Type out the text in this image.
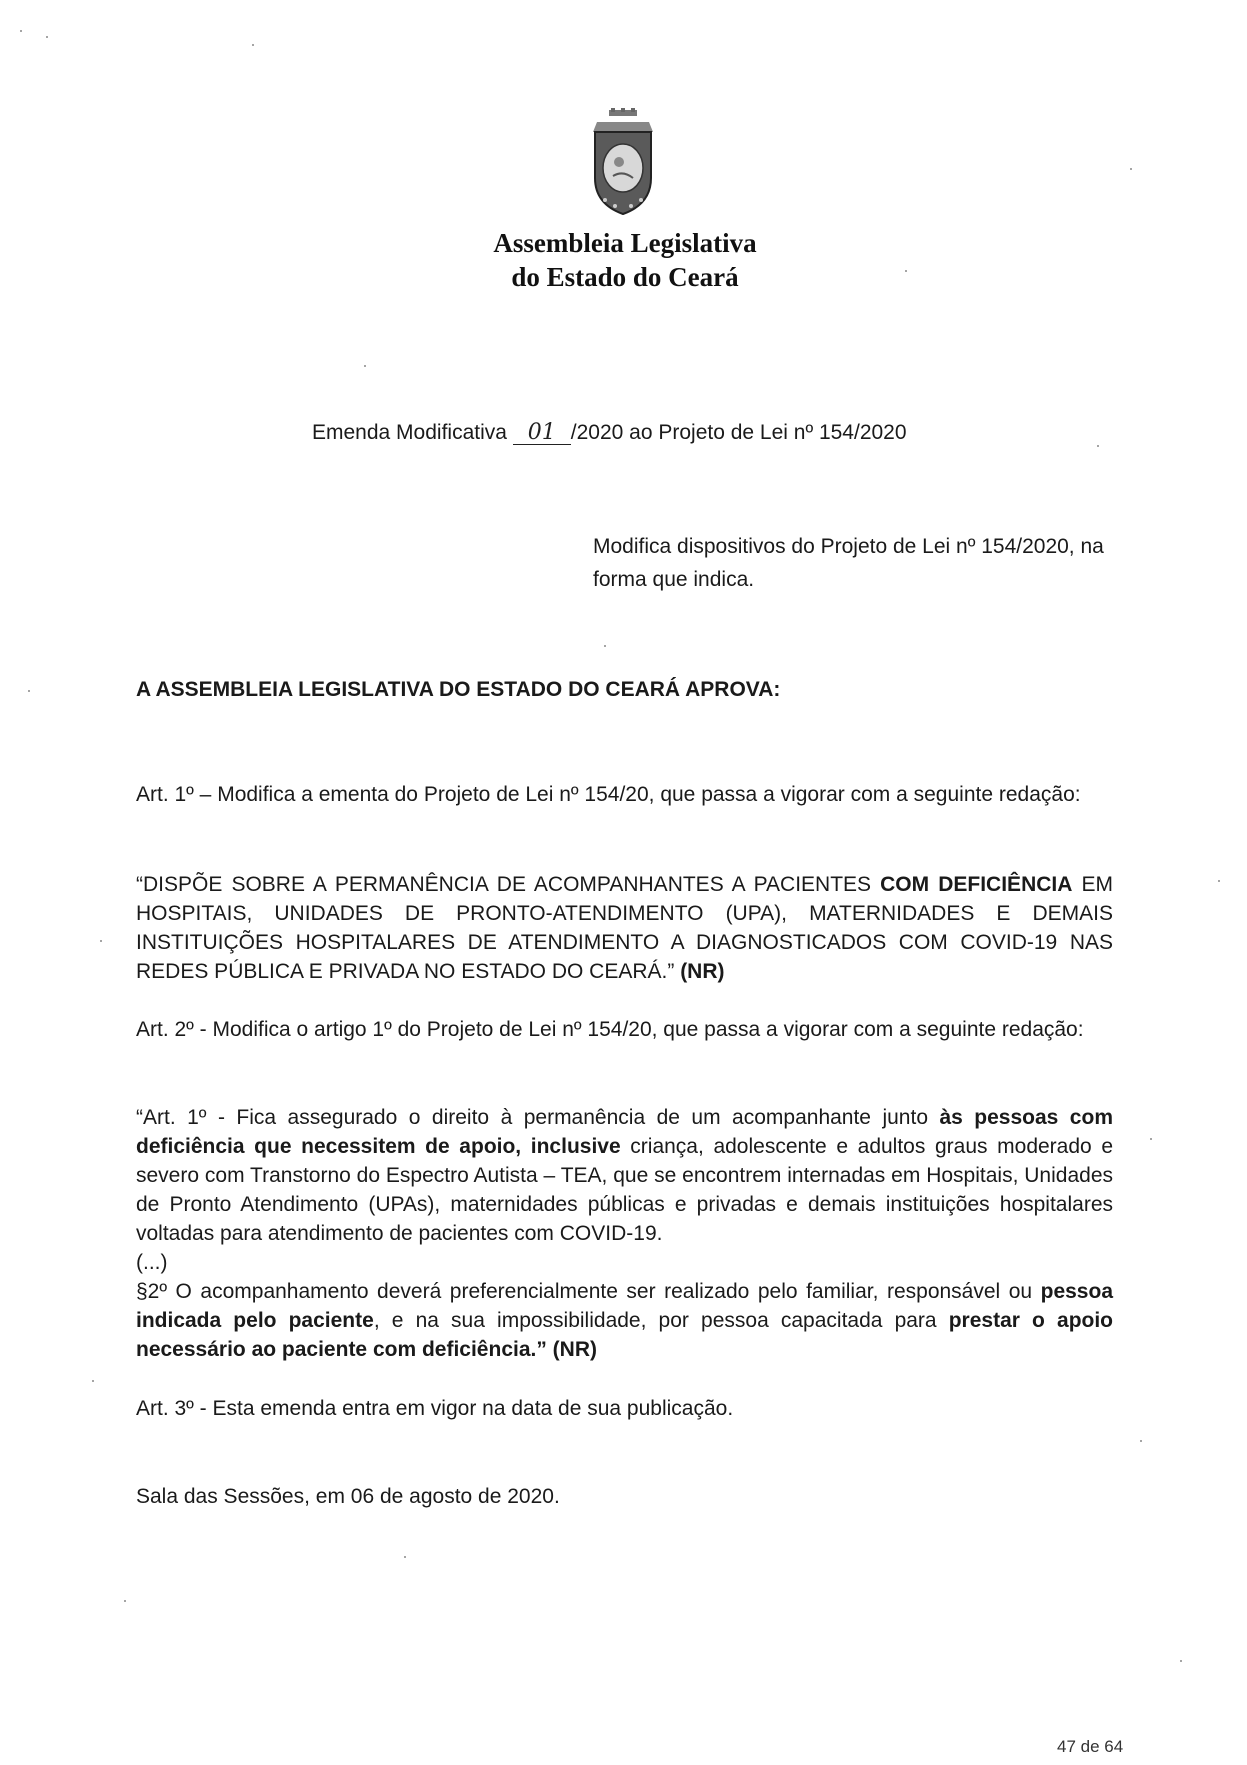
Assembleia Legislativa
do Estado do Ceará
Emenda Modificativa 01 /2020 ao Projeto de Lei nº 154/2020
Modifica dispositivos do Projeto de Lei nº 154/2020, na forma que indica.
A ASSEMBLEIA LEGISLATIVA DO ESTADO DO CEARÁ APROVA:
Art. 1º – Modifica a ementa do Projeto de Lei nº 154/20, que passa a vigorar com a seguinte redação:
“DISPÕE SOBRE A PERMANÊNCIA DE ACOMPANHANTES A PACIENTES COM DEFICIÊNCIA EM HOSPITAIS, UNIDADES DE PRONTO-ATENDIMENTO (UPA), MATERNIDADES E DEMAIS INSTITUIÇÕES HOSPITALARES DE ATENDIMENTO A DIAGNOSTICADOS COM COVID-19 NAS REDES PÚBLICA E PRIVADA NO ESTADO DO CEARÁ.” (NR)
Art. 2º - Modifica o artigo 1º do Projeto de Lei nº 154/20, que passa a vigorar com a seguinte redação:
“Art. 1º - Fica assegurado o direito à permanência de um acompanhante junto às pessoas com deficiência que necessitem de apoio, inclusive criança, adolescente e adultos graus moderado e severo com Transtorno do Espectro Autista – TEA, que se encontrem internadas em Hospitais, Unidades de Pronto Atendimento (UPAs), maternidades públicas e privadas e demais instituições hospitalares voltadas para atendimento de pacientes com COVID-19.
(...)
§2º O acompanhamento deverá preferencialmente ser realizado pelo familiar, responsável ou pessoa indicada pelo paciente, e na sua impossibilidade, por pessoa capacitada para prestar o apoio necessário ao paciente com deficiência.” (NR)
Art. 3º - Esta emenda entra em vigor na data de sua publicação.
Sala das Sessões, em 06 de agosto de 2020.
47 de 64
